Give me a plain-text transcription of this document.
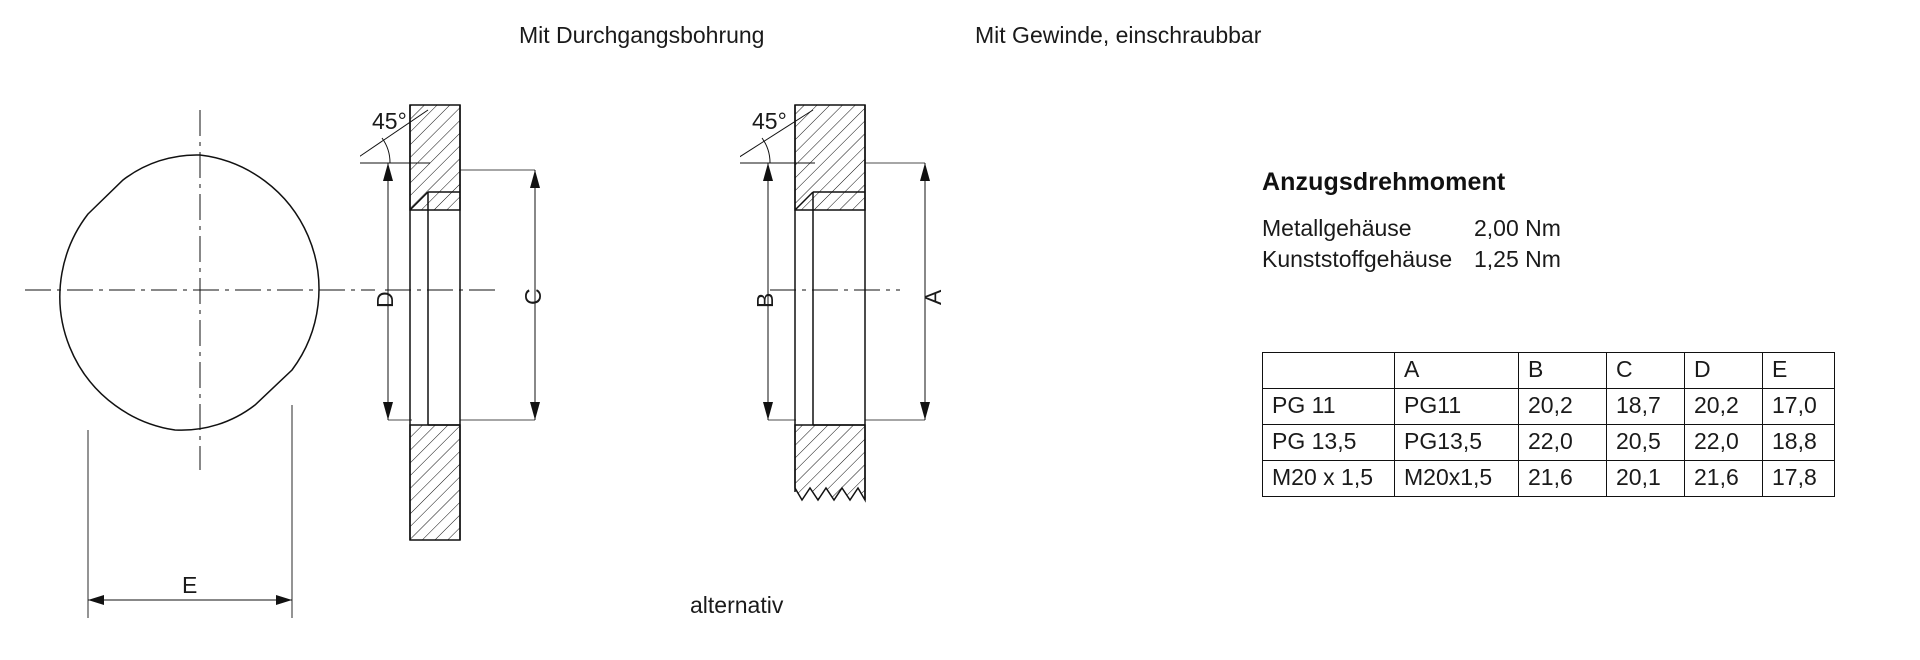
E
Mit Durchgangsbohrung
D	C
45°
Mit Gewinde, einschraubbar
B	A
45°
alternativ
Anzugsdrehmoment
Metallgehäuse	2,00 Nm
Kunststoffgehäuse 1,25 Nm
	A	B	C	D	E
PG 11	PG11	20,2	18,7	20,2	17,0
PG 13,5	PG13,5	22,0	20,5	22,0	18,8
M20 x 1,5	M20x1,5	21,6	20,1	21,6	17,8
